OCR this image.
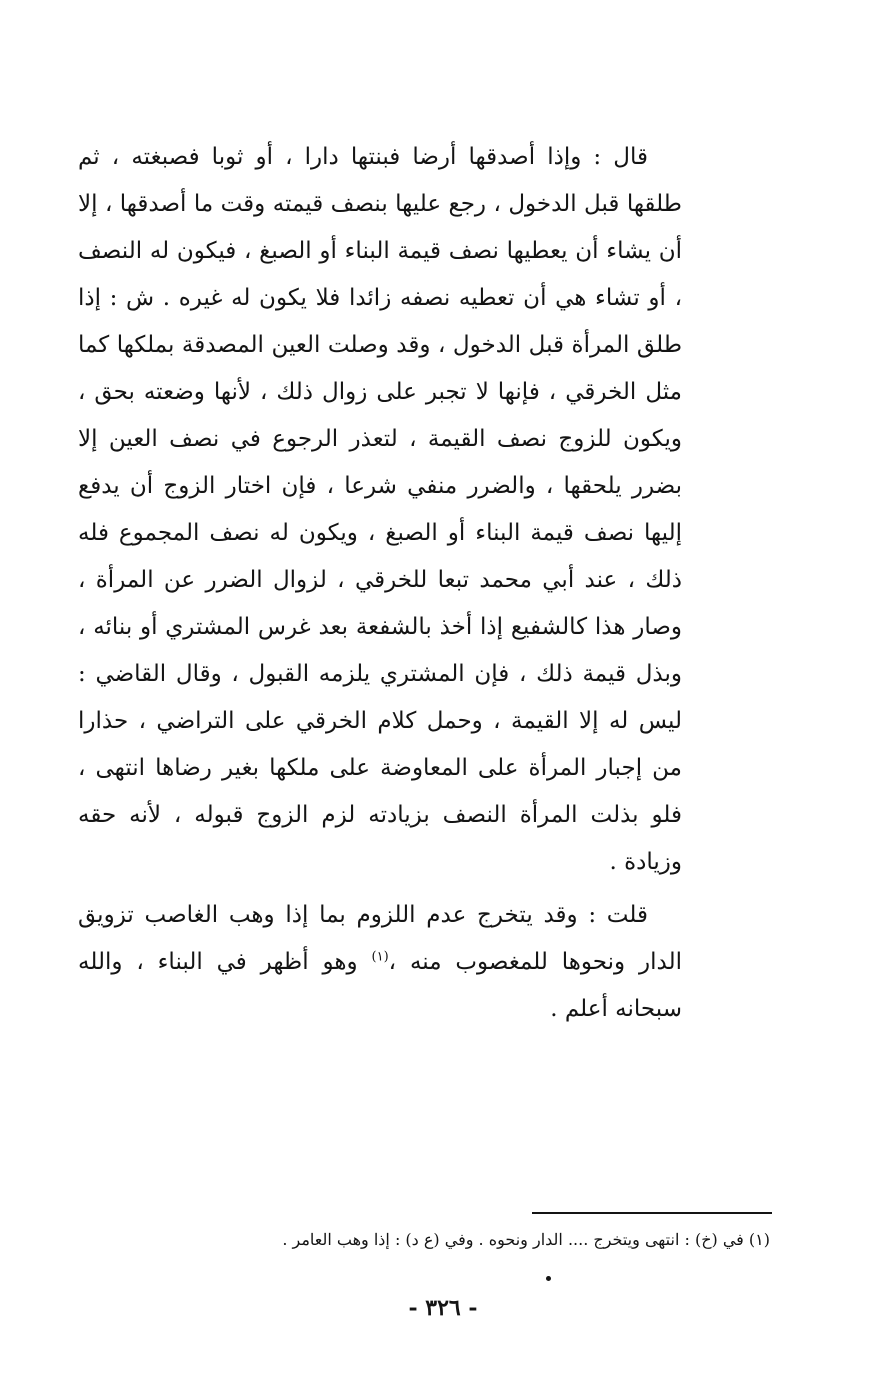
قال : وإذا أصدقها أرضا فبنتها دارا ، أو ثوبا فصبغته ، ثم طلقها قبل الدخول ، رجع عليها بنصف قيمته وقت ما أصدقها ، إلا أن يشاء أن يعطيها نصف قيمة البناء أو الصبغ ، فيكون له النصف ، أو تشاء هي أن تعطيه نصفه زائدا فلا يكون له غيره . ش : إذا طلق المرأة قبل الدخول ، وقد وصلت العين المصدقة بملكها كما مثل الخرقي ، فإنها لا تجبر على زوال ذلك ، لأنها وضعته بحق ، ويكون للزوج نصف القيمة ، لتعذر الرجوع في نصف العين إلا بضرر يلحقها ، والضرر منفي شرعا ، فإن اختار الزوج أن يدفع إليها نصف قيمة البناء أو الصبغ ، ويكون له نصف المجموع فله ذلك ، عند أبي محمد تبعا للخرقي ، لزوال الضرر عن المرأة ، وصار هذا كالشفيع إذا أخذ بالشفعة بعد غرس المشتري أو بنائه ، وبذل قيمة ذلك ، فإن المشتري يلزمه القبول ، وقال القاضي : ليس له إلا القيمة ، وحمل كلام الخرقي على التراضي ، حذارا من إجبار المرأة على المعاوضة على ملكها بغير رضاها انتهى ، فلو بذلت المرأة النصف بزيادته لزم الزوج قبوله ، لأنه حقه وزيادة .

قلت : وقد يتخرج عدم اللزوم بما إذا وهب الغاصب تزويق الدار ونحوها للمغصوب منه ،$^{(١)}$ وهو أظهر في البناء ، والله سبحانه أعلم .

(١) في (خ) : انتهى ويتخرج .... الدار ونحوه . وفي (ع د) : إذا وهب العامر .
- ٣٢٦ -
